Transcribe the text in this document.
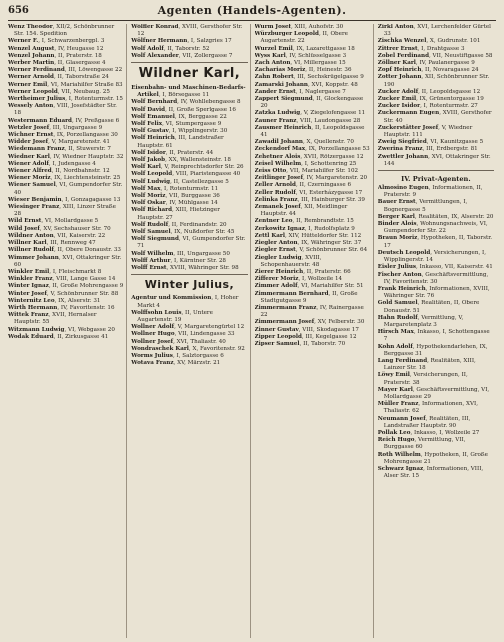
656	Agenten (Handels-Agenten).

Wenz Theodor, XII/2, Schönbrunner Str. 154. Spedition

Werner F., I, Schwarzenbergpl. 3

Wenzel August, IV, Heugasse 12

Wenzel Johann, II, Praterstr. 18

Werber Martin, II, Glasergasse 4

Werner Ferdinand, III, Löwengasse 22

Werner Arnold, II, Taborstraße 24

Werner Emil, VI, Mariahilfer Straße 83

Werner Leopold, VII, Neubaug. 25

Wertheimer Julius, I, Rotenturmstr. 15

Wessely Anton, VIII, Josefstädter Str. 18

Westermann Eduard, IV, Preßgasse 6

Wetzler Josef, III, Ungargasse 9

Wichner Ernst, IX, Porzellangasse 30

Widder Josef, V, Margaretenstr. 41

Wiedemann Franz, II, Stuwerstr. 7

Wiedner Karl, IV, Wiedner Hauptstr. 32

Wiener Adolf, I, Judengasse 4

Wiener Alfred, II, Nordbahnstr. 12

Wiener Moriz, IX, Liechtensteinstr. 25

Wiener Samuel, VI, Gumpendorfer Str. 40

Wieser Benjamin, I, Gonzagagasse 13

Wiesinger Franz, XIII, Linzer Straße 28

Wild Ernst, VI, Mollardgasse 5

Wild Josef, XV, Sechshauser Str. 70

Wildner Anton, VII, Kaiserstr. 22

Willner Karl, III, Rennweg 47

Willner Rudolf, II, Obere Donaustr. 33

Wimmer Johann, XVI, Ottakringer Str. 60

Winkler Emil, I, Fleischmarkt 8

Winkler Franz, VIII, Lange Gasse 14

Winter Ignaz, II, Große Mohrengasse 9

Winter Josef, V, Schönbrunner Str. 88

Winternitz Leo, IX, Alserstr. 31

Wirth Hermann, IV, Favoritenstr. 16

Wittek Franz, XVII, Hernalser Hauptstr. 55

Witzmann Ludwig, VI, Webgasse 20

Wodak Eduard, II, Zirkusgasse 41

Wölfler Konrad, XVIII, Gersthofer Str. 12

Wölfner Hermann, I, Salzgries 17

Wolf Adolf, II, Taborstr. 52

Wolf Alexander, VII, Zollergasse 7

Wildner Karl,

Eisenbahn- und Maschinen-Bedarfs-Artikel, I, Börsegasse 11

Wolf Bernhard, IV, Wohllebengasse 8

Wolf David, II, Große Sperlgasse 16

Wolf Emanuel, IX, Berggasse 22

Wolf Felix, VI, Stumpergasse 9

Wolf Gustav, I, Wipplingerstr. 30

Wolf Heinrich, III, Landstraßer Hauptstr. 61

Wolf Isidor, II, Praterstr. 44

Wolf Jakob, XX, Wallensteinstr. 18

Wolf Karl, V, Reinprechtsdorfer Str. 26

Wolf Leopold, VIII, Piaristengasse 40

Wolf Ludwig, II, Castellezgasse 5

Wolf Max, I, Rotenturmstr. 11

Wolf Moriz, VII, Burggasse 36

Wolf Oskar, IV, Mühlgasse 14

Wolf Richard, XIII, Hietzinger Hauptstr. 27

Wolf Rudolf, II, Ferdinandstr. 20

Wolf Samuel, IX, Nußdorfer Str. 45

Wolf Siegmund, VI, Gumpendorfer Str. 71

Wolf Wilhelm, III, Ungargasse 50

Wolff Arthur, I, Kärntner Str. 28

Wolff Ernst, XVIII, Währinger Str. 98

Winter Julius,

Agentur und Kommission, I, Hoher Markt 4

Wolffsohn Louis, II, Untere Augartenstr. 19

Wollner Adolf, V, Margaretengürtel 12

Wollner Hugo, VII, Lindengasse 33

Wollner Josef, XVI, Thaliastr. 40

Wondraschek Karl, X, Favoritenstr. 92

Worms Julius, I, Salztorgasse 6

Wotava Franz, XV, Märzstr. 21

Wurm Josef, XIII, Auhofstr. 30

Würzburger Leopold, II, Obere Augartenstr. 22

Wurzel Emil, IX, Lazarettgasse 18

Wyss Karl, IV, Schlüsselgasse 3

Zach Anton, VI, Millergasse 15

Zacharias Moriz, II, Heinestr. 36

Zahn Robert, III, Sechskrügelgasse 9

Zamarski Johann, XVI, Koppstr. 48

Zander Ernst, I, Naglergasse 7

Zappert Siegmund, II, Glockengasse 20

Zatzka Ludwig, V, Ziegelofengasse 11

Zauner Franz, VIII, Laudongasse 28

Zausmer Heinrich, II, Leopoldsgasse 41

Zawadil Johann, X, Quellenstr. 70

Zeckendorf Max, IX, Porzellangasse 53

Zehetner Alois, XVII, Rötzergasse 12

Zeisel Wilhelm, I, Schottenring 25

Zeiss Otto, VII, Mariahilfer Str. 102

Zeitlinger Josef, IV, Margaretenstr. 20

Zeller Arnold, II, Czerningasse 6

Zeller Rudolf, VI, Esterházygasse 17

Zelinka Franz, III, Hainburger Str. 39

Zemanek Josef, XII, Meidlinger Hauptstr. 44

Zentner Leo, II, Rembrandtstr. 15

Zerkowitz Ignaz, I, Rudolfsplatz 9

Zettl Karl, XIV, Hütteldorfer Str. 112

Ziegler Anton, IX, Währinger Str. 37

Ziegler Ernst, V, Schönbrunner Str. 64

Ziegler Ludwig, XVIII, Schopenhauerstr. 48

Zierer Heinrich, II, Praterstr. 66

Zifferer Moriz, I, Wollzeile 14

Zimmer Adolf, VI, Mariahilfer Str. 51

Zimmermann Bernhard, II, Große Stadtgutgasse 9

Zimmermann Franz, IV, Rainergasse 22

Zimmermann Josef, XV, Felberstr. 30

Zinner Gustav, VIII, Skodagasse 17

Zipper Leopold, III, Kegelgasse 12

Zipser Samuel, II, Taborstr. 70

Zirkl Anton, XVI, Lerchenfelder Gürtel 33

Zischka Wenzel, X, Gudrunstr. 101

Zittrer Ernst, I, Drahtgasse 3

Zobel Ferdinand, VII, Neustiftgasse 58

Zöllner Karl, IV, Paulanergasse 9

Zopf Heinrich, II, Novaragasse 24

Zotter Johann, XII, Schönbrunner Str. 190

Zucker Adolf, II, Leopoldsgasse 12

Zucker Emil, IX, Grünentorgasse 19

Zucker Isidor, I, Rotenturmstr. 27

Zuckermann Eugen, XVIII, Gersthofer Str. 40

Zuckerstätter Josef, V, Wiedner Hauptstr. 111

Zweig Siegfried, VI, Kaunitzgasse 5

Zwerina Franz, III, Erdbergstr. 81

Zwettler Johann, XVI, Ottakringer Str. 144

IV. Privat-Agenten.

Almosino Eugen, Informationen, II, Praterstr. 9

Bauer Ernst, Vermittlungen, I, Bognergasse 5

Berger Karl, Realitäten, IX, Alserstr. 20

Binder Alois, Wohnungsnachweis, VI, Gumpendorfer Str. 22

Braun Moriz, Hypotheken, II, Taborstr. 17

Deutsch Leopold, Versicherungen, I, Wipplingerstr. 14

Eisler Julius, Inkasso, VII, Kaiserstr. 41

Fischer Anton, Geschäftsvermittlung, IV, Favoritenstr. 30

Frank Heinrich, Informationen, XVIII, Währinger Str. 76

Gold Samuel, Realitäten, II, Obere Donaustr. 51

Hahn Rudolf, Vermittlung, V, Margaretenplatz 3

Hirsch Max, Inkasso, I, Schottengasse 7

Kohn Adolf, Hypothekendarlehen, IX, Berggasse 31

Lang Ferdinand, Realitäten, XIII, Lainzer Str. 18

Löwy Emil, Versicherungen, II, Praterstr. 38

Mayer Karl, Geschäftsvermittlung, VI, Mollardgasse 29

Müller Franz, Informationen, XVI, Thaliastr. 62

Neumann Josef, Realitäten, III, Landstraßer Hauptstr. 90

Pollak Leo, Inkasso, I, Wollzeile 27

Reich Hugo, Vermittlung, VII, Burggasse 60

Roth Wilhelm, Hypotheken, II, Große Mohrengasse 21

Schwarz Ignaz, Informationen, VIII, Alser Str. 15
